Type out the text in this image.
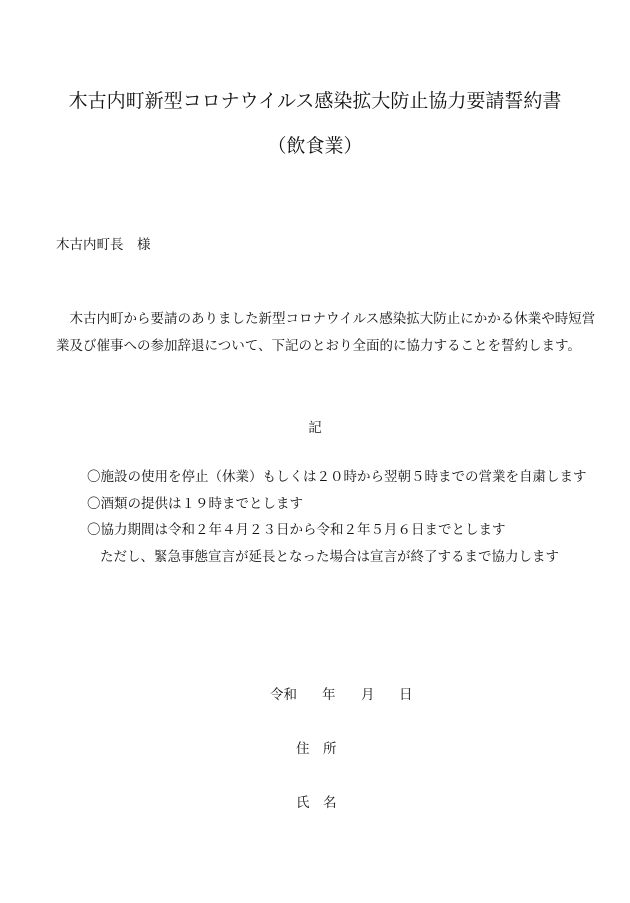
木古内町新型コロナウイルス感染拡大防止協力要請誓約書
（飲食業）
木古内町長　様
　木古内町から要請のありました新型コロナウイルス感染拡大防止にかかる休業や時短営
業及び催事への参加辞退について、下記のとおり全面的に協力することを誓約します。
記
〇施設の使用を停止（休業）もしくは２０時から翌朝５時までの営業を自粛します
〇酒類の提供は１９時までとします
〇協力期間は令和２年４月２３日から令和２年５月６日までとします
ただし、緊急事態宣言が延長となった場合は宣言が終了するまで協力します
令和 年 月 日
住　所
氏　名
